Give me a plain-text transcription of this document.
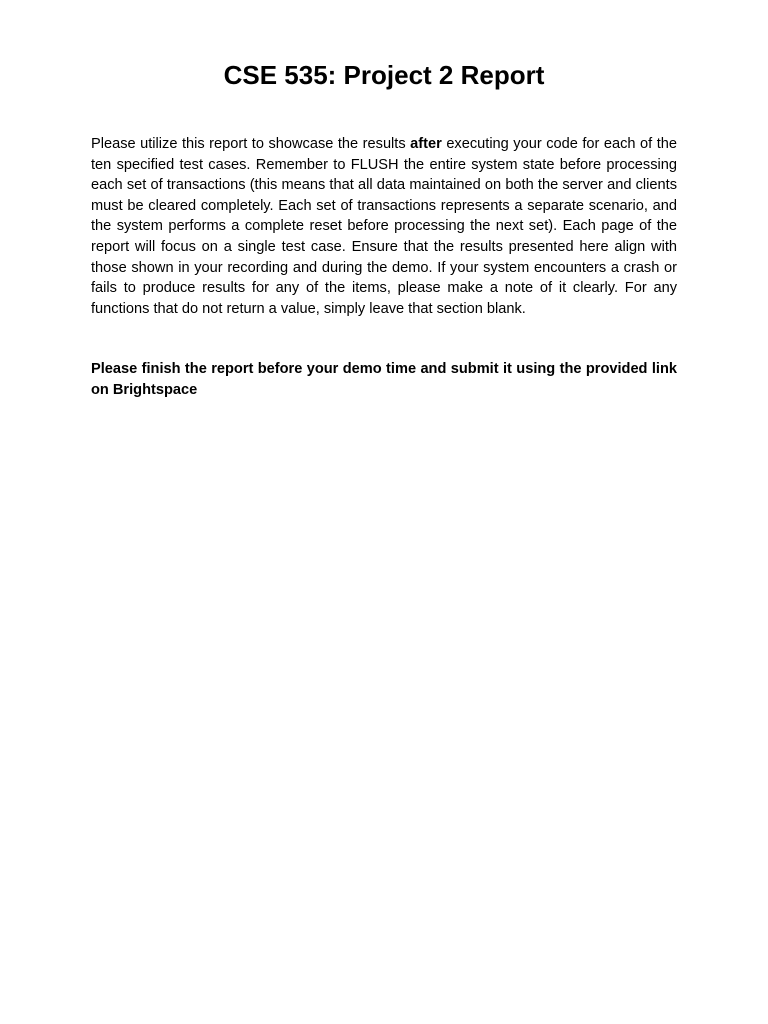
CSE 535: Project 2 Report

Please utilize this report to showcase the results after executing your code for each of the ten specified test cases. Remember to FLUSH the entire system state before processing each set of transactions (this means that all data maintained on both the server and clients must be cleared completely. Each set of transactions represents a separate scenario, and the system performs a complete reset before processing the next set). Each page of the report will focus on a single test case. Ensure that the results presented here align with those shown in your recording and during the demo. If your system encounters a crash or fails to produce results for any of the items, please make a note of it clearly. For any functions that do not return a value, simply leave that section blank.

Please finish the report before your demo time and submit it using the provided link on Brightspace
